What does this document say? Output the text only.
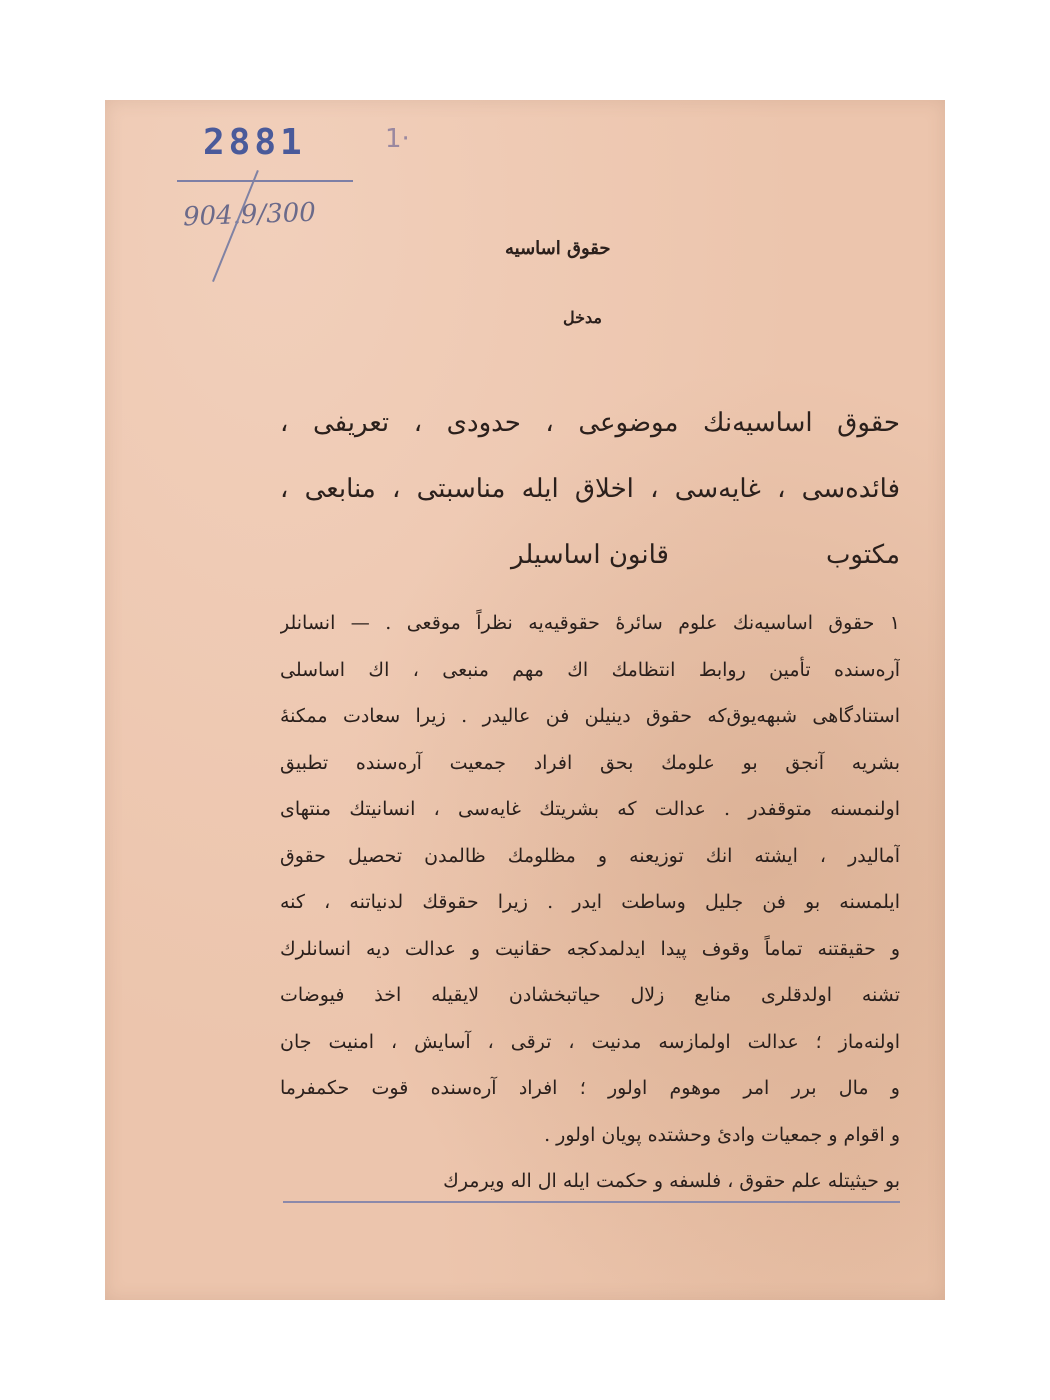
2881	1·
904.9/300

حقوق اساسیه

مدخل

حقوق اساسیه‌نك موضوعی ، حدودی ، تعریفی ،

فائده‌سی ، غایه‌سی ، اخلاق ایله مناسبتی ، منابعی ، مکتوب

قانون اساسیلر

۱ حقوق اساسیه‌نك علوم سائرهٔ حقوقیه‌یه نظراً موقعی . — انسانلر

آره‌سنده تأمین روابط انتظامك اك مهم منبعی ، اك اساسلی

استنادگاهی شبهه‌یوق‌که حقوق دینیلن فن عالیدر . زیرا سعادت ممکنهٔ

بشریه آنجق بو علومك بحق افراد جمعیت آره‌سنده تطبیق

اولنمسنه متوقفدر . عدالت که بشریتك غایه‌سی ، انسانیتك منتهای

آمالیدر ، ایشته انك توزیعنه و مظلومك ظالمدن تحصیل حقوق

ایلمسنه بو فن جلیل وساطت ایدر . زیرا حقوقك لدنیاتنه ، کنه

و حقیقتنه تماماً وقوف پیدا ایدلمدکجه حقانیت و عدالت دیه انسانلرك

تشنه اولدقلری منابع زلال حیاتبخشادن لایقیله اخذ فیوضات

اولنه‌ماز ؛ عدالت اولمازسه مدنیت ، ترقی ، آسایش ، امنیت جان

و مال برر امر موهوم اولور ؛ افراد آره‌سنده قوت حکمفرما

و اقوام و جمعیات وادیٔ وحشتده پویان اولور .

بو حیثیتله علم حقوق ، فلسفه و حکمت ایله ال اله ویرمرك
